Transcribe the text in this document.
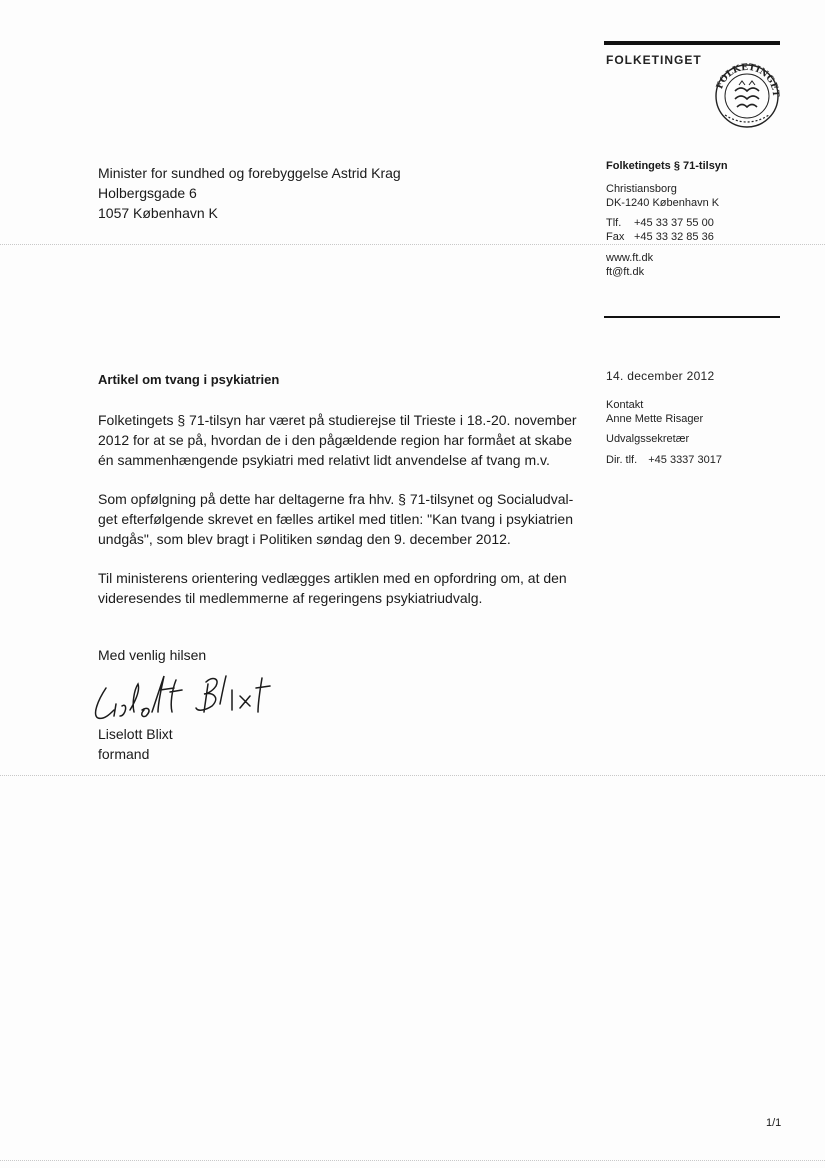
FOLKETINGET
FOLKETINGET
Minister for sundhed og forebyggelse Astrid Krag
Holbergsgade 6
1057 København K
Folketingets § 71-tilsyn
Christiansborg
DK-1240 København K
Tlf.	+45 33 37 55 00
Fax +45 33 32 85 36
www.ft.dk
ft@ft.dk
14. december 2012
Kontakt
Anne Mette Risager
Udvalgssekretær
Dir. tlf. +45 3337 3017
Artikel om tvang i psykiatrien
Folketingets § 71-tilsyn har været på studierejse til Trieste i 18.-20. november
2012 for at se på, hvordan de i den pågældende region har formået at skabe
én sammenhængende psykiatri med relativt lidt anvendelse af tvang m.v.
Som opfølgning på dette har deltagerne fra hhv. § 71-tilsynet og Socialudval-
get efterfølgende skrevet en fælles artikel med titlen: "Kan tvang i psykiatrien
undgås", som blev bragt i Politiken søndag den 9. december 2012.
Til ministerens orientering vedlægges artiklen med en opfordring om, at den
videresendes til medlemmerne af regeringens psykiatriudvalg.
Med venlig hilsen
Liselott Blixt
formand
1/1
